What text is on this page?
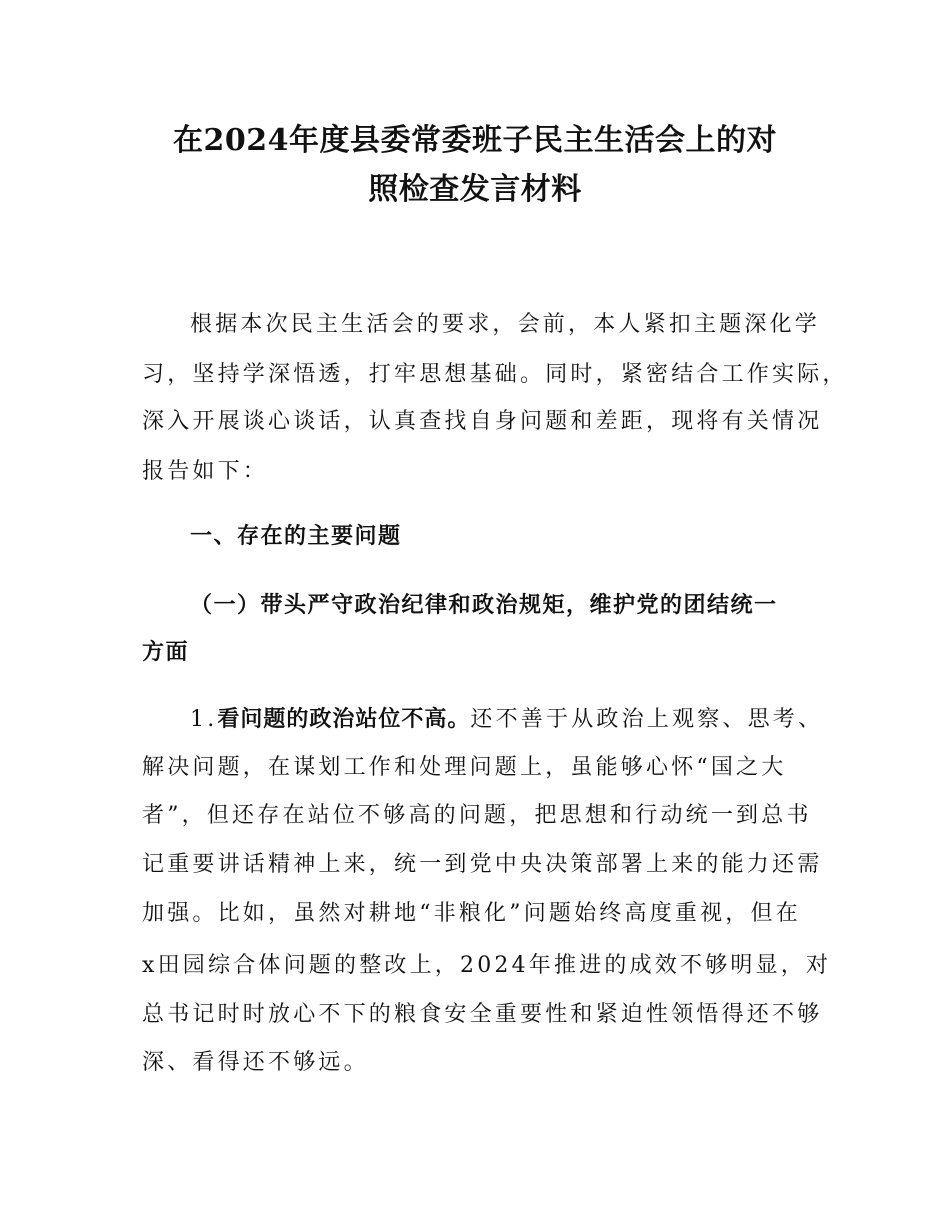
在2024年度县委常委班子民主生活会上的对
照检查发言材料
根据本次民主生活会的要求，会前，本人紧扣主题深化学
习，坚持学深悟透，打牢思想基础。同时，紧密结合工作实际，
深入开展谈心谈话，认真查找自身问题和差距，现将有关情况
报告如下：
一、存在的主要问题
（一）带头严守政治纪律和政治规矩，维护党的团结统一
方面
1.看问题的政治站位不高。还不善于从政治上观察、思考、
解决问题，在谋划工作和处理问题上，虽能够心怀“国之大
者”，但还存在站位不够高的问题，把思想和行动统一到总书
记重要讲话精神上来，统一到党中央决策部署上来的能力还需
加强。比如，虽然对耕地“非粮化”问题始终高度重视，但在
x田园综合体问题的整改上，2024年推进的成效不够明显，对
总书记时时放心不下的粮食安全重要性和紧迫性领悟得还不够
深、看得还不够远。
